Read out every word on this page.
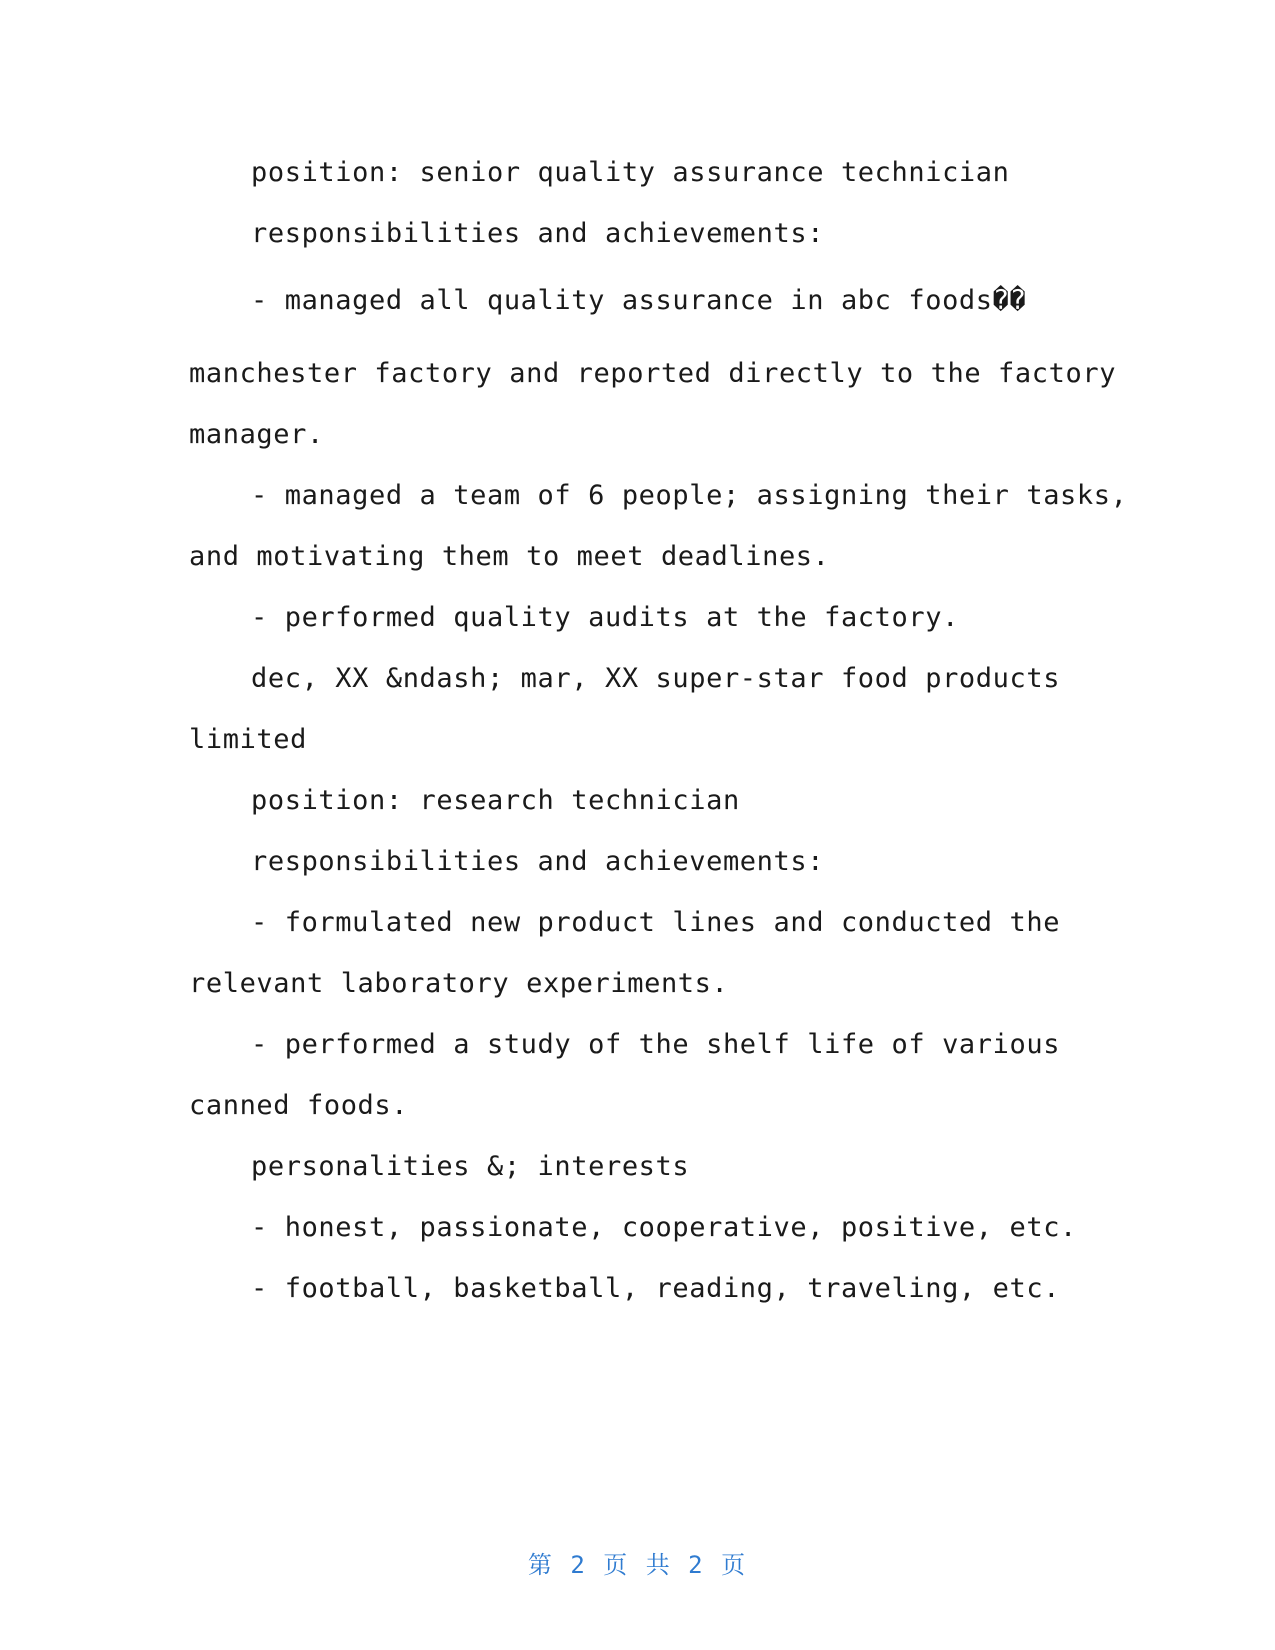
position: senior quality assurance technician

responsibilities and achievements:

- managed all quality assurance in abc foods��

manchester factory and reported directly to the factory

manager.

- managed a team of 6 people; assigning their tasks,

and motivating them to meet deadlines.

- performed quality audits at the factory.

dec, XX &ndash; mar, XX super-star food products

limited

position: research technician

responsibilities and achievements:

- formulated new product lines and conducted the

relevant laboratory experiments.

- performed a study of the shelf life of various

canned foods.

personalities &; interests

- honest, passionate, cooperative, positive, etc.

- football, basketball, reading, traveling, etc.

第 2 页 共 2 页
